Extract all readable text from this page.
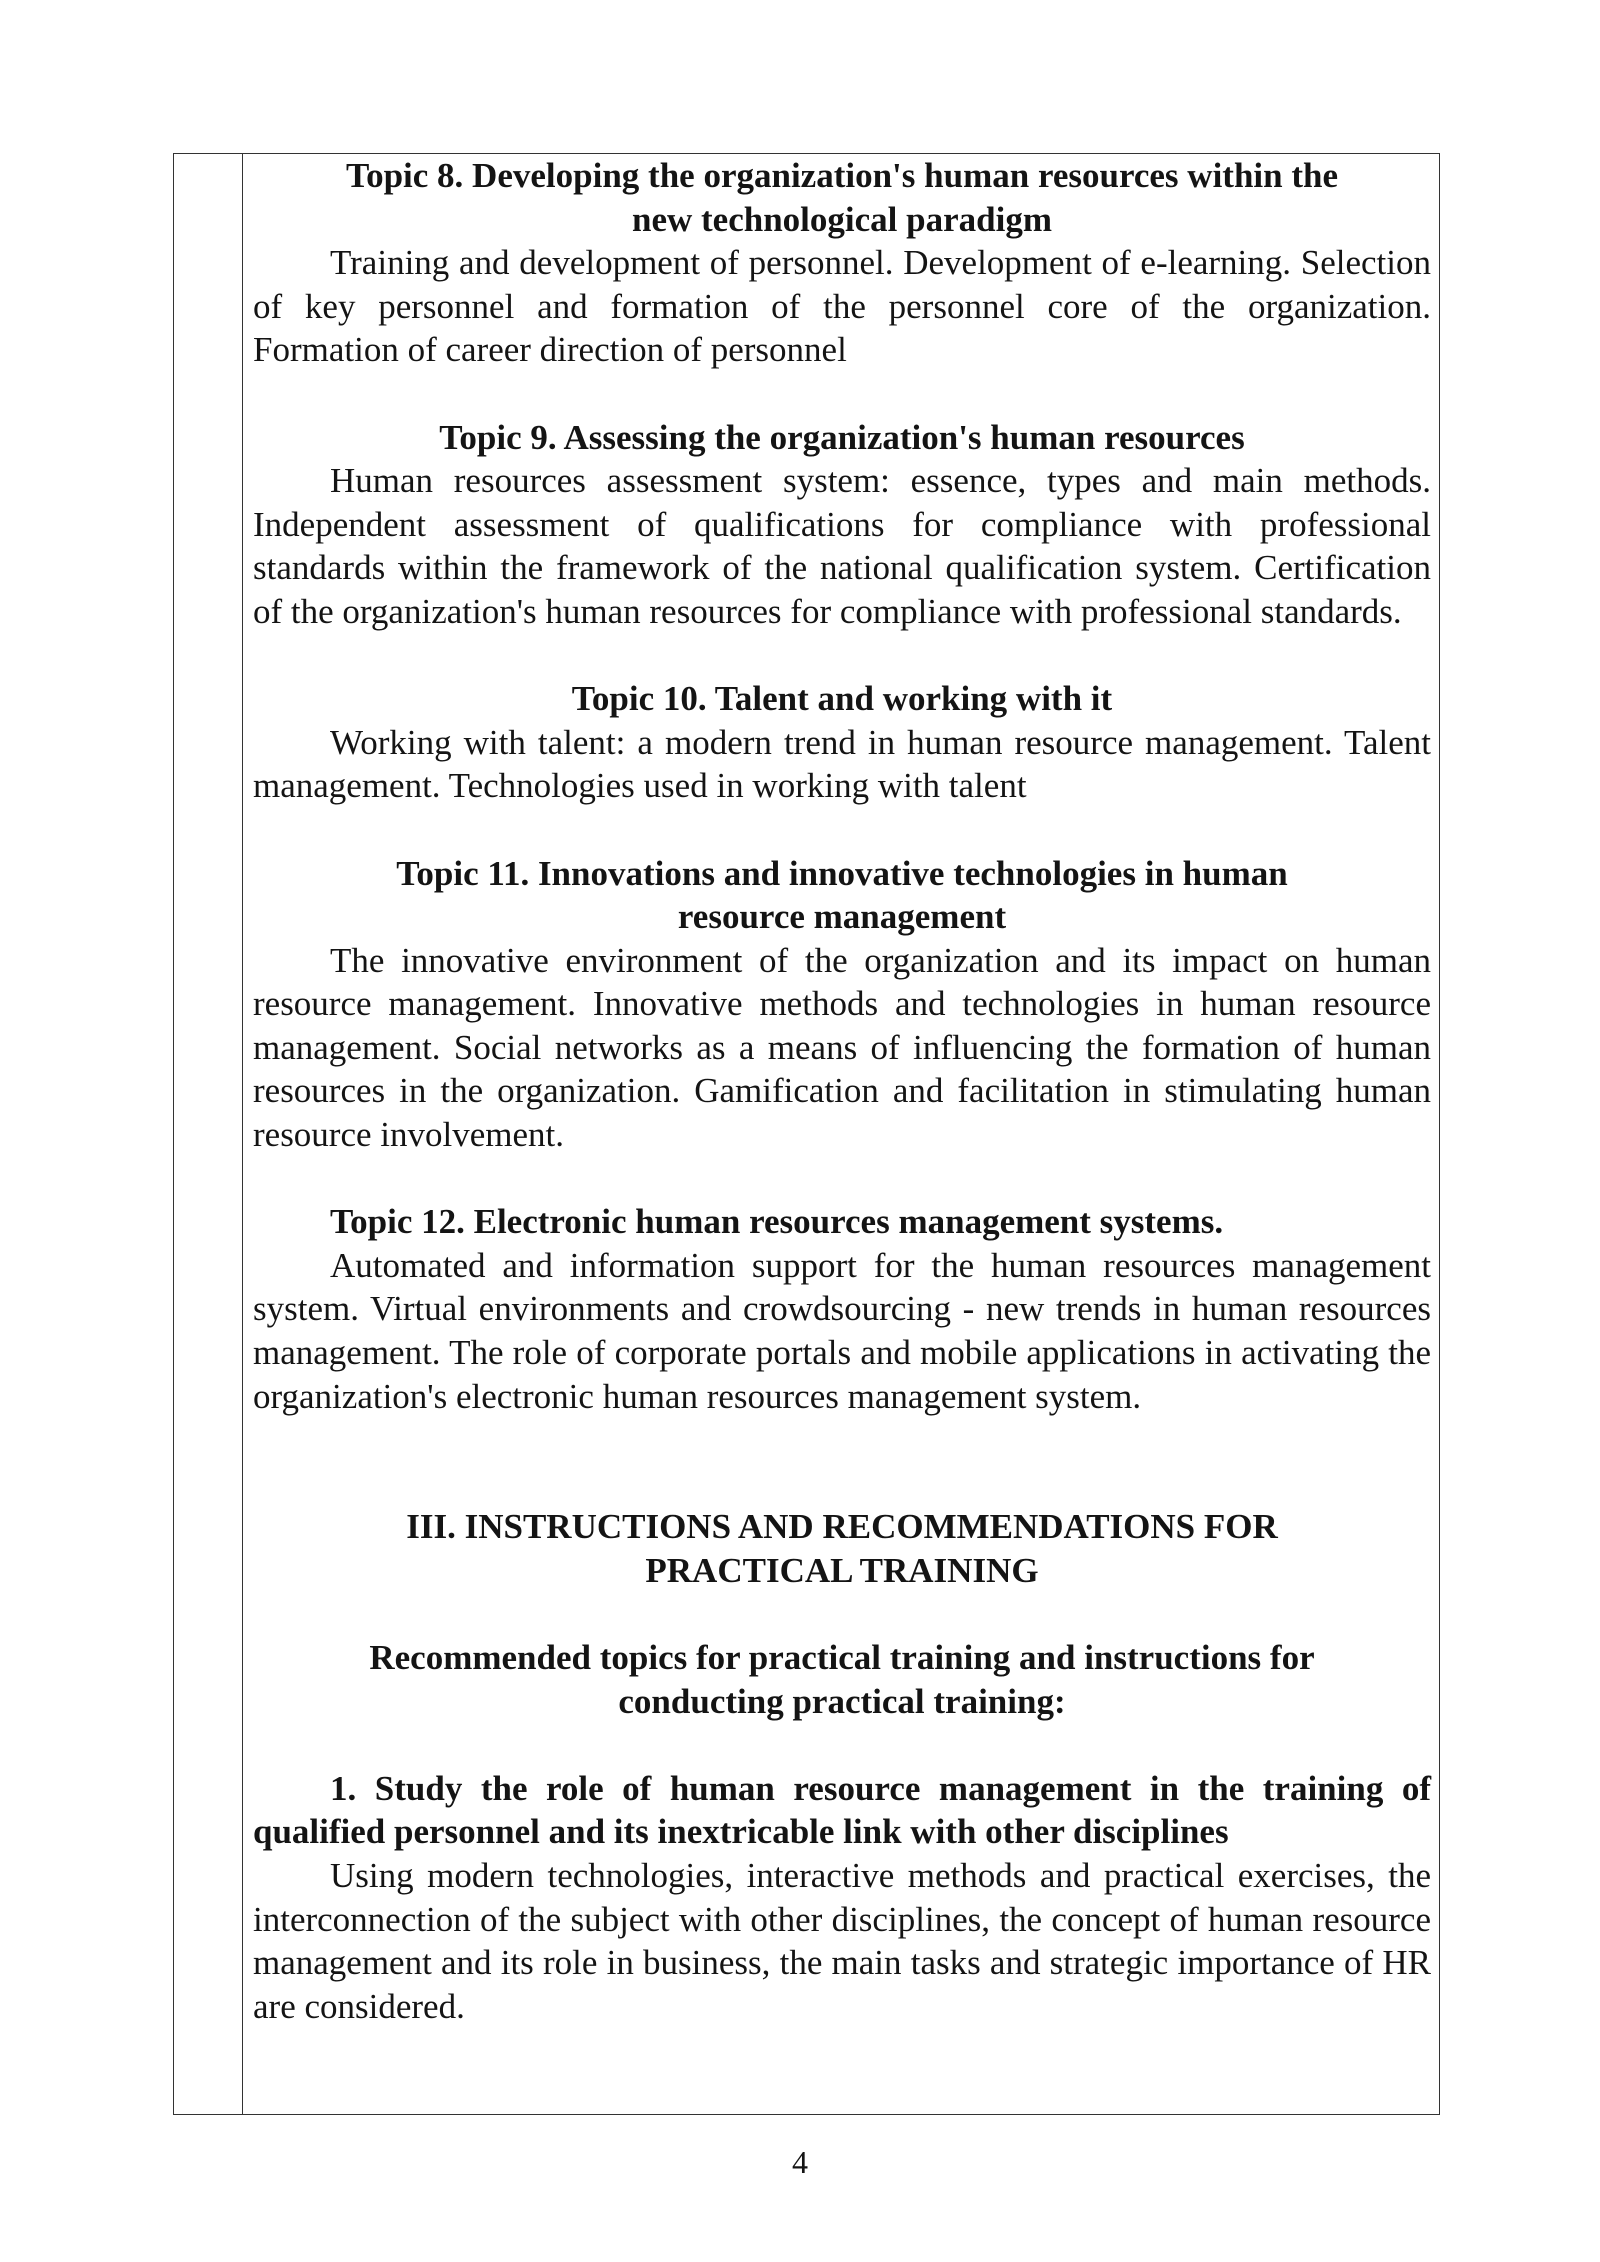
Topic 8. Developing the organization's human resources within the
new technological paradigm

Training and development of personnel. Development of e-learning. Selection of key personnel and formation of the personnel core of the organization. Formation of career direction of personnel

Topic 9. Assessing the organization's human resources

Human resources assessment system: essence, types and main methods. Independent assessment of qualifications for compliance with professional standards within the framework of the national qualification system. Certification of the organization's human resources for compliance with professional standards.

Topic 10. Talent and working with it

Working with talent: a modern trend in human resource management. Talent management. Technologies used in working with talent

Topic 11. Innovations and innovative technologies in human
resource management

The innovative environment of the organization and its impact on human resource management. Innovative methods and technologies in human resource management. Social networks as a means of influencing the formation of human resources in the organization. Gamification and facilitation in stimulating human resource involvement.

Topic 12. Electronic human resources management systems.

Automated and information support for the human resources management system. Virtual environments and crowdsourcing - new trends in human resources management. The role of corporate portals and mobile applications in activating the organization's electronic human resources management system.

III. INSTRUCTIONS AND RECOMMENDATIONS FOR
PRACTICAL TRAINING

Recommended topics for practical training and instructions for
conducting practical training:

1. Study the role of human resource management in the training of qualified personnel and its inextricable link with other disciplines

Using modern technologies, interactive methods and practical exercises, the interconnection of the subject with other disciplines, the concept of human resource management and its role in business, the main tasks and strategic importance of HR are considered.

4
